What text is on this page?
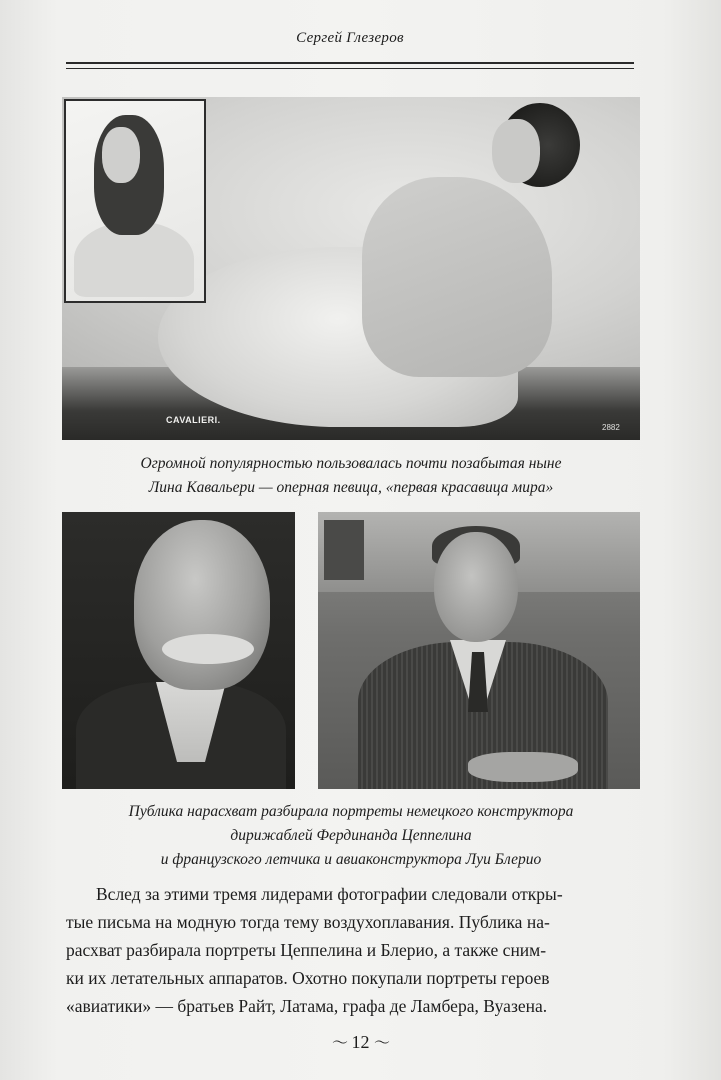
Сергей Глезеров
CAVALIERI.
2882
Огромной популярностью пользовалась почти позабытая ныне
Лина Кавальери — оперная певица, «первая красавица мира»
Публика нарасхват разбирала портреты немецкого конструктора
дирижаблей Фердинанда Цеппелина
и французского летчика и авиаконструктора Луи Блерио
Вслед за этими тремя лидерами фотографии следовали откры-
тые письма на модную тогда тему воздухоплавания. Публика на-
расхват разбирала портреты Цеппелина и Блерио, а также сним-
ки их летательных аппаратов. Охотно покупали портреты героев
«авиатики» — братьев Райт, Латама, графа де Ламбера, Вуазена.
〜 12 〜
